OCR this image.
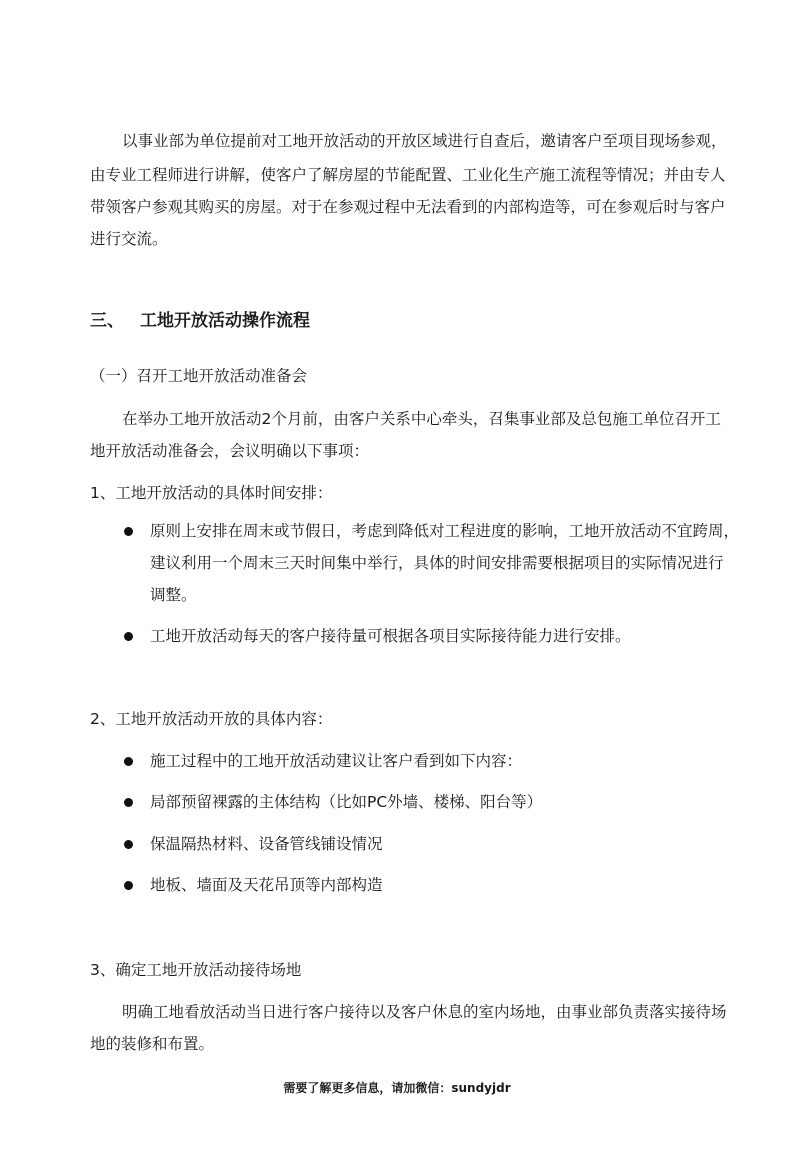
以事业部为单位提前对工地开放活动的开放区域进行自查后，邀请客户至项目现场参观，
由专业工程师进行讲解，使客户了解房屋的节能配置、工业化生产施工流程等情况；并由专人
带领客户参观其购买的房屋。对于在参观过程中无法看到的内部构造等，可在参观后时与客户
进行交流。
三、 工地开放活动操作流程
（一）召开工地开放活动准备会
在举办工地开放活动2个月前，由客户关系中心牵头，召集事业部及总包施工单位召开工
地开放活动准备会，会议明确以下事项：
1、工地开放活动的具体时间安排：
原则上安排在周末或节假日，考虑到降低对工程进度的影响，工地开放活动不宜跨周，
建议利用一个周末三天时间集中举行，具体的时间安排需要根据项目的实际情况进行
调整。
工地开放活动每天的客户接待量可根据各项目实际接待能力进行安排。
2、工地开放活动开放的具体内容：
施工过程中的工地开放活动建议让客户看到如下内容：
局部预留裸露的主体结构（比如PC外墙、楼梯、阳台等）
保温隔热材料、设备管线铺设情况
地板、墙面及天花吊顶等内部构造
3、确定工地开放活动接待场地
明确工地看放活动当日进行客户接待以及客户休息的室内场地，由事业部负责落实接待场
地的装修和布置。
需要了解更多信息，请加微信：sundyjdr
